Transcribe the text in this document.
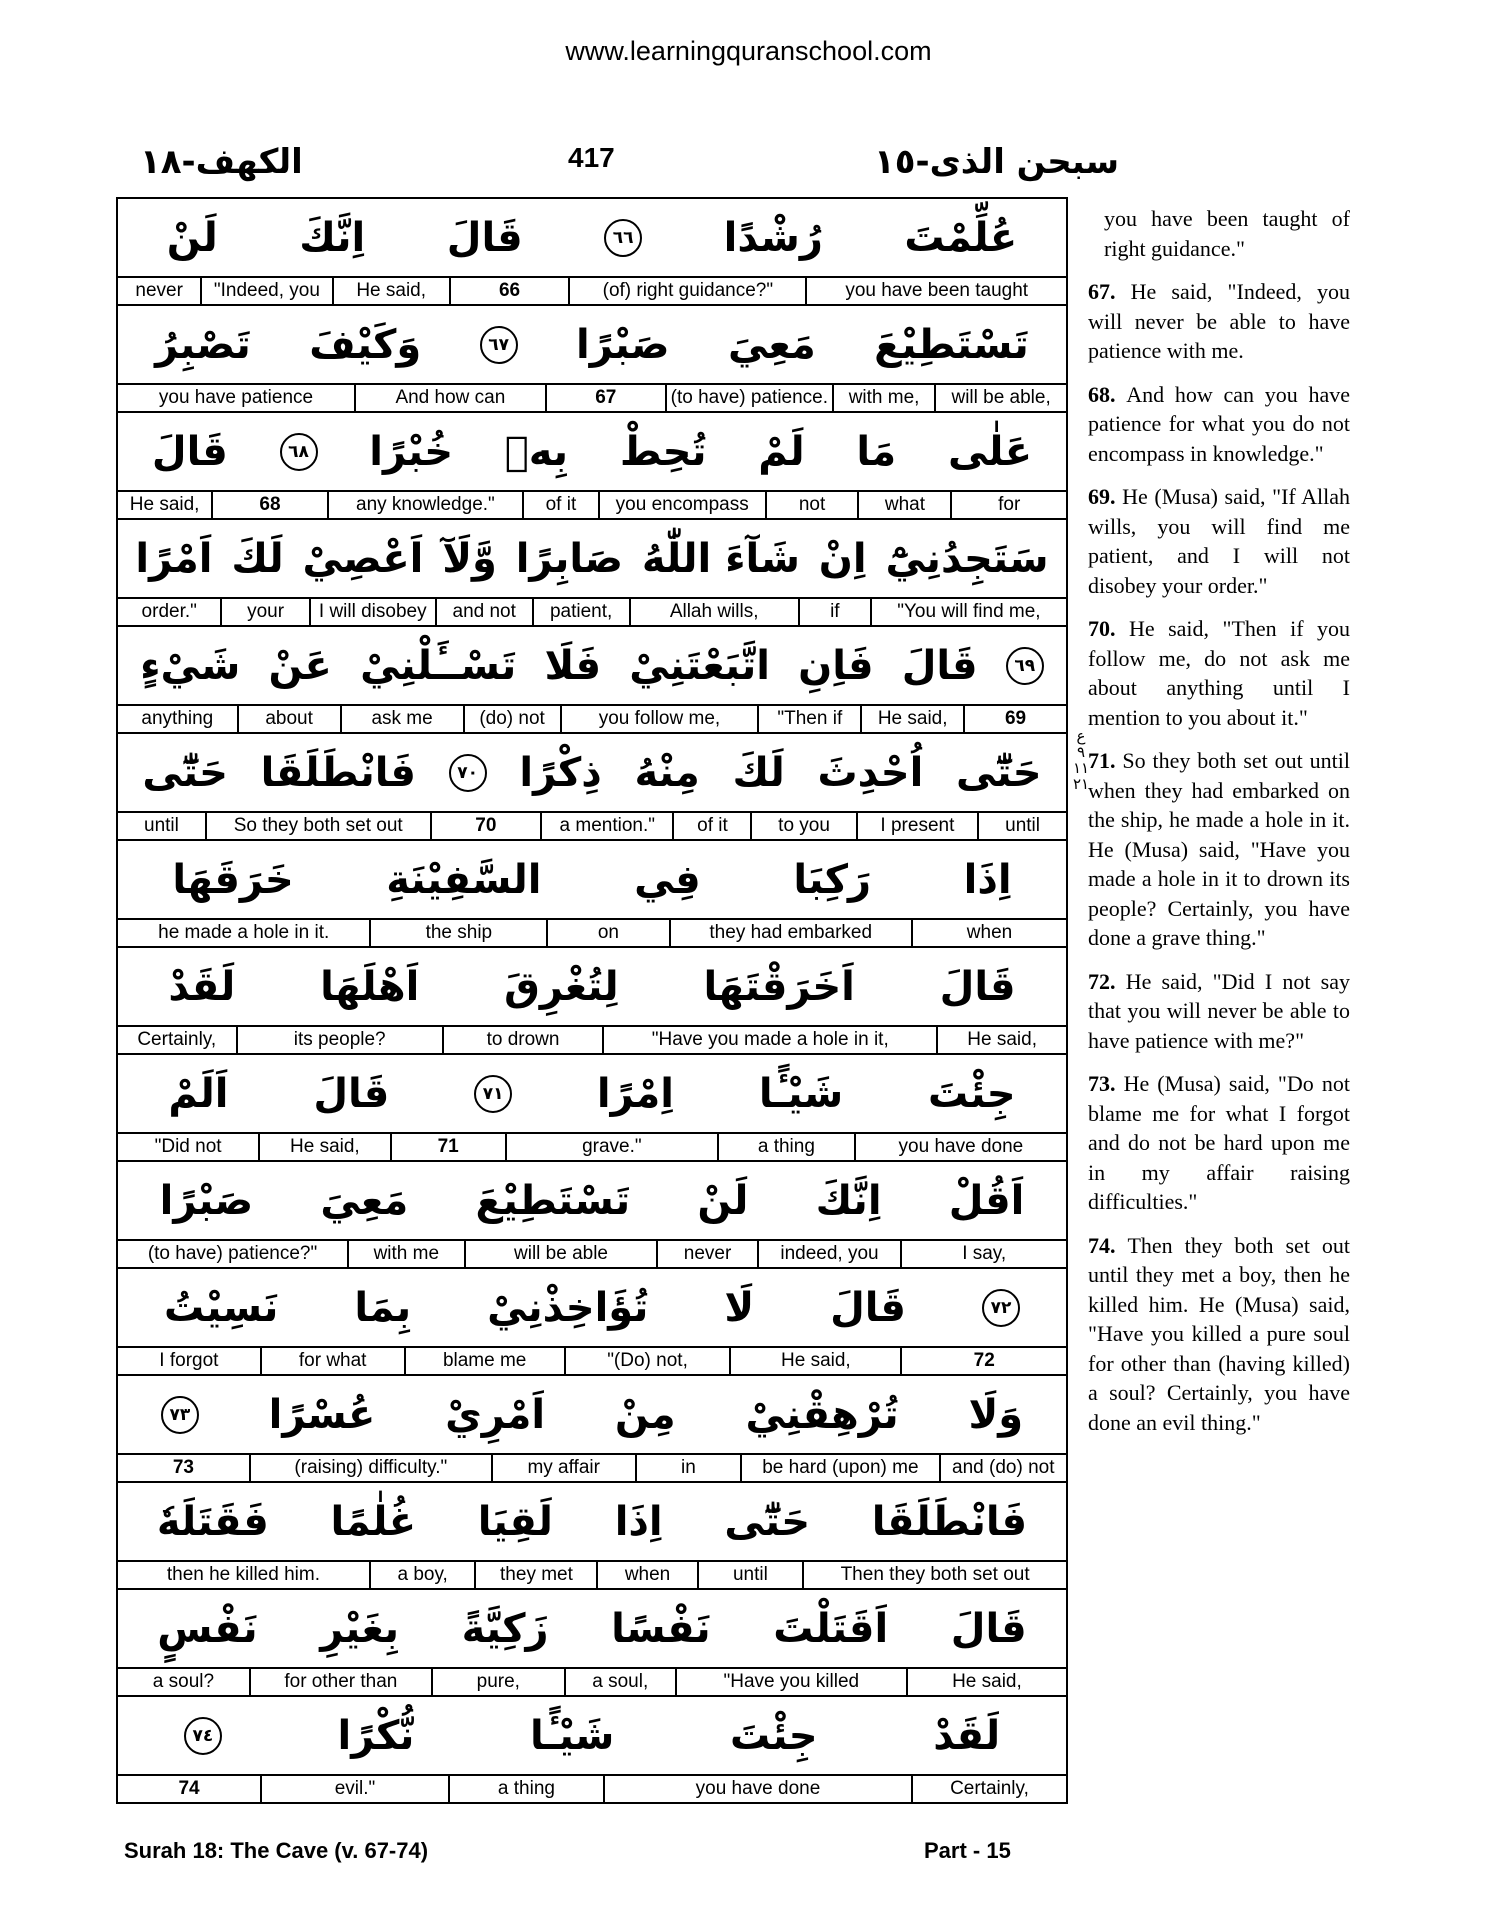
www.learningquranschool.com
سبحن الذی-١٥
417
الکھف-١٨
عُلِّمْتَ
رُشْدًا
٦٦
قَالَ
اِنَّكَ
لَنْ
you have been taught
(of) right guidance?"
66
He said,
"Indeed, you
never
تَسْتَطِيْعَ
مَعِيَ
صَبْرًا
٦٧
وَكَيْفَ
تَصْبِرُ
will be able,
with me,
(to have) patience.
67
And how can
you have patience
عَلٰى
مَا
لَمْ
تُحِطْ
بِهٖ
خُبْرًا
٦٨
قَالَ
for
what
not
you encompass
of it
any knowledge."
68
He said,
سَتَجِدُنِيْٓ
اِنْ
شَآءَ اللّٰهُ
صَابِرًا
وَّلَآ
اَعْصِيْ
لَكَ
اَمْرًا
"You will find me,
if
Allah wills,
patient,
and not
I will disobey
your
order."
٦٩
قَالَ
فَاِنِ
اتَّبَعْتَنِيْ
فَلَا
تَسْــَٔلْنِيْ
عَنْ
شَيْءٍ
69
He said,
"Then if
you follow me,
(do) not
ask me
about
anything
حَتّٰٓى
اُحْدِثَ
لَكَ
مِنْهُ
ذِكْرًا
٧٠
فَانْطَلَقَا
حَتّٰٓى
until
I present
to you
of it
a mention."
70
So they both set out
until
اِذَا
رَكِبَا
فِي
السَّفِيْنَةِ
خَرَقَهَا
when
they had embarked
on
the ship
he made a hole in it.
قَالَ
اَخَرَقْتَهَا
لِتُغْرِقَ
اَهْلَهَا
لَقَدْ
He said,
"Have you made a hole in it,
to drown
its people?
Certainly,
جِئْتَ
شَيْـًٔا
اِمْرًا
٧١
قَالَ
اَلَمْ
you have done
a thing
grave."
71
He said,
"Did not
اَقُلْ
اِنَّكَ
لَنْ
تَسْتَطِيْعَ
مَعِيَ
صَبْرًا
I say,
indeed, you
never
will be able
with me
(to have) patience?"
٧٢
قَالَ
لَا
تُؤَاخِذْنِيْ
بِمَا
نَسِيْتُ
72
He said,
"(Do) not,
blame me
for what
I forgot
وَلَا
تُرْهِقْنِيْ
مِنْ
اَمْرِيْ
عُسْرًا
٧٣
and (do) not
be hard (upon) me
in
my affair
(raising) difficulty."
73
فَانْطَلَقَا
حَتّٰٓى
اِذَا
لَقِيَا
غُلٰمًا
فَقَتَلَهٗ
Then they both set out
until
when
they met
a boy,
then he killed him.
قَالَ
اَقَتَلْتَ
نَفْسًا
زَكِيَّةً
بِغَيْرِ
نَفْسٍ
He said,
"Have you killed
a soul,
pure,
for other than
a soul?
لَقَدْ
جِئْتَ
شَيْـًٔا
نُّكْرًا
٧٤
Certainly,
you have done
a thing
evil."
74
ع ٩ ١١ ٢١

you have been taught of right guidance."

67. He said, "Indeed, you will never be able to have patience with me.

68. And how can you have patience for what you do not encompass in knowledge."

69. He (Musa) said, "If Allah wills, you will find me patient, and I will not disobey your order."

70. He said, "Then if you follow me, do not ask me about anything until I mention to you about it."

71. So they both set out until when they had embarked on the ship, he made a hole in it. He (Musa) said, "Have you made a hole in it to drown its people? Certainly, you have done a grave thing."

72. He said, "Did I not say that you will never be able to have patience with me?"

73. He (Musa) said, "Do not blame me for what I forgot and do not be hard upon me in my affair raising difficulties."

74. Then they both set out until they met a boy, then he killed him. He (Musa) said, "Have you killed a pure soul for other than (having killed) a soul? Certainly, you have done an evil thing."

Surah 18: The Cave (v. 67-74)	Part - 15
